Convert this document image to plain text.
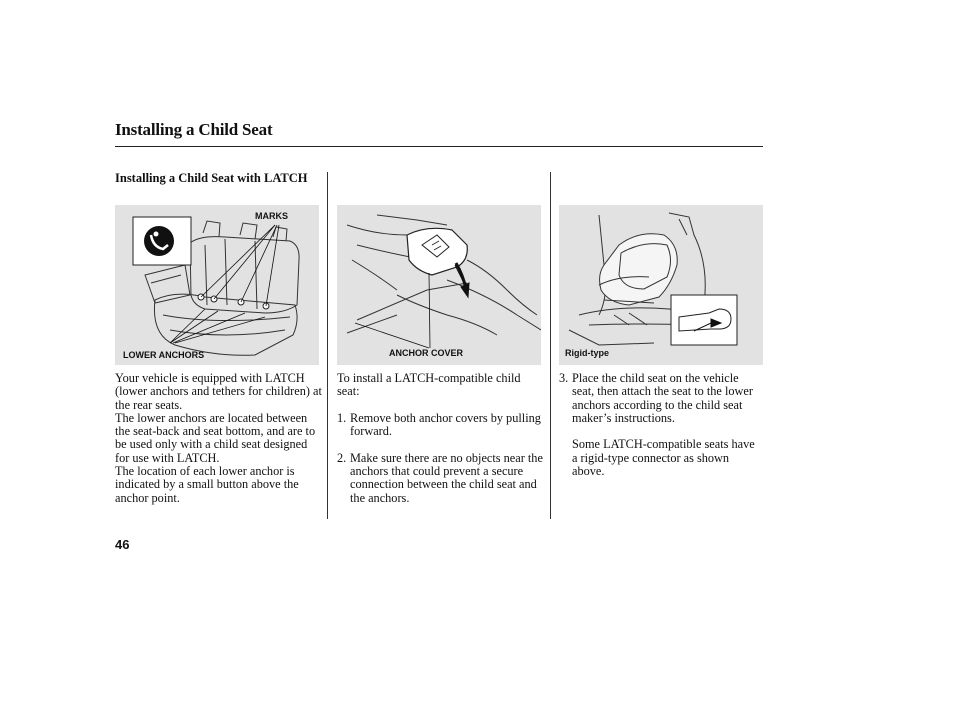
Installing a Child Seat
Installing a Child Seat with LATCH
MARKS
LOWER ANCHORS	ANCHOR COVER	Rigid-type

Your vehicle is equipped with LATCH (lower anchors and tethers for children) at the rear seats.

The lower anchors are located between the seat-back and seat bottom, and are to be used only with a child seat designed for use with LATCH.

The location of each lower anchor is indicated by a small button above the anchor point.

To install a LATCH-compatible child seat:

1. Remove both anchor covers by pulling forward.
2. Make sure there are no objects near the anchors that could prevent a secure connection between the child seat and the anchors.
3. Place the child seat on the vehicle seat, then attach the seat to the lower anchors according to the child seat maker’s instructions.

Some LATCH-compatible seats have a rigid-type connector as shown above.

46
